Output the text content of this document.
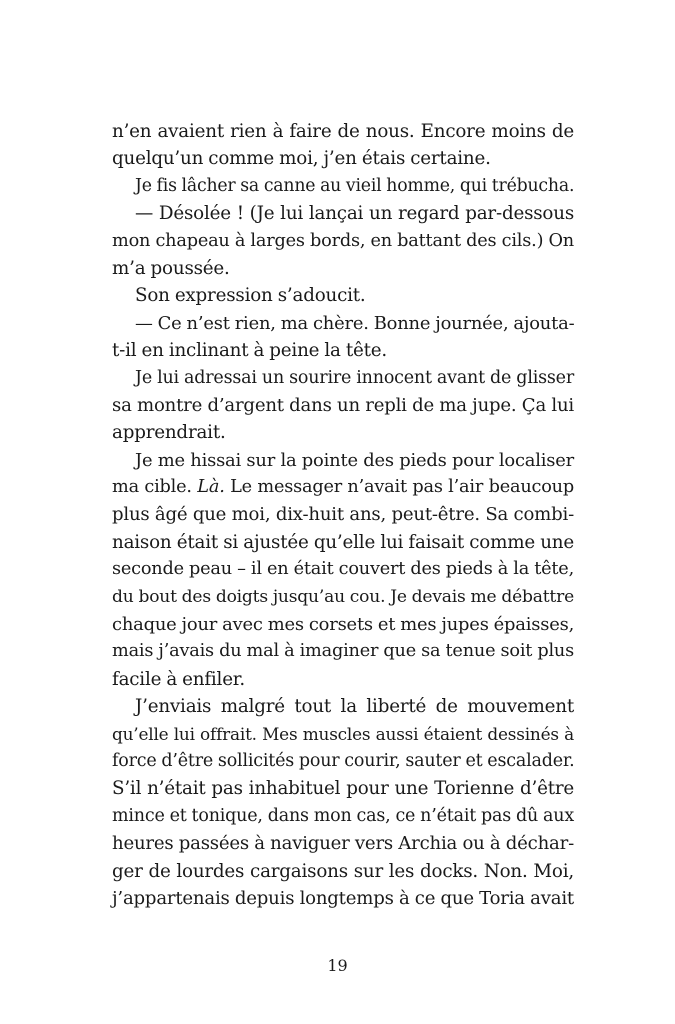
n’en avaient rien à faire de nous. Encore moins de
quelqu’un comme moi, j’en étais certaine.
Je fis lâcher sa canne au vieil homme, qui trébucha.
— Désolée ! (Je lui lançai un regard par-dessous
mon chapeau à larges bords, en battant des cils.) On
m’a poussée.
Son expression s’adoucit.
— Ce n’est rien, ma chère. Bonne journée, ajouta-
t-il en inclinant à peine la tête.
Je lui adressai un sourire innocent avant de glisser
sa montre d’argent dans un repli de ma jupe. Ça lui
apprendrait.
Je me hissai sur la pointe des pieds pour localiser
ma cible. Là. Le messager n’avait pas l’air beaucoup
plus âgé que moi, dix-huit ans, peut-être. Sa combi-
naison était si ajustée qu’elle lui faisait comme une
seconde peau – il en était couvert des pieds à la tête,
du bout des doigts jusqu’au cou. Je devais me débattre
chaque jour avec mes corsets et mes jupes épaisses,
mais j’avais du mal à imaginer que sa tenue soit plus
facile à enfiler.
J’enviais malgré tout la liberté de mouvement
qu’elle lui offrait. Mes muscles aussi étaient dessinés à
force d’être sollicités pour courir, sauter et escalader.
S’il n’était pas inhabituel pour une Torienne d’être
mince et tonique, dans mon cas, ce n’était pas dû aux
heures passées à naviguer vers Archia ou à déchar-
ger de lourdes cargaisons sur les docks. Non. Moi,
j’appartenais depuis longtemps à ce que Toria avait
19
